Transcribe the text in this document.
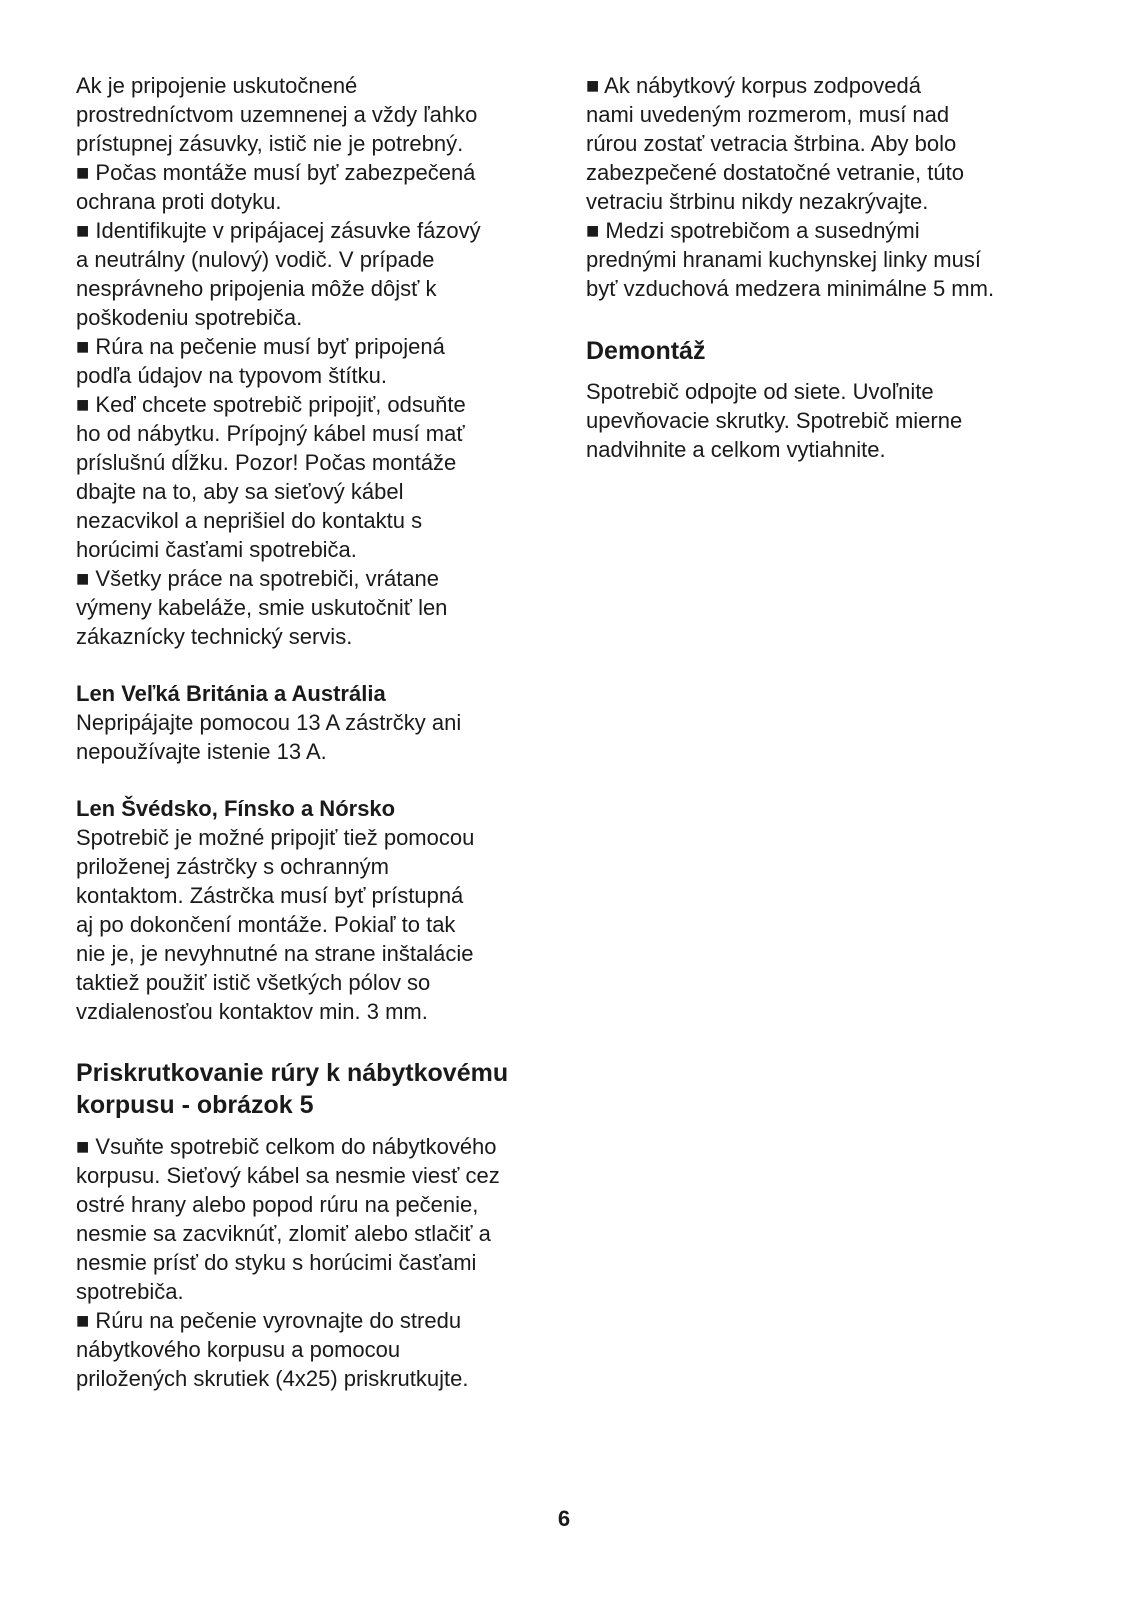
Ak je pripojenie uskutočnené
prostredníctvom uzemnenej a vždy ľahko
prístupnej zásuvky, istič nie je potrebný.
■ Počas montáže musí byť zabezpečená
ochrana proti dotyku.
■ Identifikujte v pripájacej zásuvke fázový
a neutrálny (nulový) vodič. V prípade
nesprávneho pripojenia môže dôjsť k
poškodeniu spotrebiča.
■ Rúra na pečenie musí byť pripojená
podľa údajov na typovom štítku.
■ Keď chcete spotrebič pripojiť, odsuňte
ho od nábytku. Prípojný kábel musí mať
príslušnú dĺžku. Pozor! Počas montáže
dbajte na to, aby sa sieťový kábel
nezacvikol a neprišiel do kontaktu s
horúcimi časťami spotrebiča.
■ Všetky práce na spotrebiči, vrátane
výmeny kabeláže, smie uskutočniť len
zákaznícky technický servis.
Len Veľká Británia a Austrália
Nepripájajte pomocou 13 A zástrčky ani
nepoužívajte istenie 13 A.
Len Švédsko, Fínsko a Nórsko
Spotrebič je možné pripojiť tiež pomocou
priloženej zástrčky s ochranným
kontaktom. Zástrčka musí byť prístupná
aj po dokončení montáže. Pokiaľ to tak
nie je, je nevyhnutné na strane inštalácie
taktiež použiť istič všetkých pólov so
vzdialenosťou kontaktov min. 3 mm.
Priskrutkovanie rúry k nábytkovému
korpusu - obrázok 5
■ Vsuňte spotrebič celkom do nábytkového
korpusu. Sieťový kábel sa nesmie viesť cez
ostré hrany alebo popod rúru na pečenie,
nesmie sa zacviknúť, zlomiť alebo stlačiť a
nesmie prísť do styku s horúcimi časťami
spotrebiča.
■ Rúru na pečenie vyrovnajte do stredu
nábytkového korpusu a pomocou
priložených skrutiek (4x25) priskrutkujte.
■ Ak nábytkový korpus zodpovedá
nami uvedeným rozmerom, musí nad
rúrou zostať vetracia štrbina. Aby bolo
zabezpečené dostatočné vetranie, túto
vetraciu štrbinu nikdy nezakrývajte.
■ Medzi spotrebičom a susednými
prednými hranami kuchynskej linky musí
byť vzduchová medzera minimálne 5 mm.
Demontáž
Spotrebič odpojte od siete. Uvoľnite
upevňovacie skrutky. Spotrebič mierne
nadvihnite a celkom vytiahnite.
6
